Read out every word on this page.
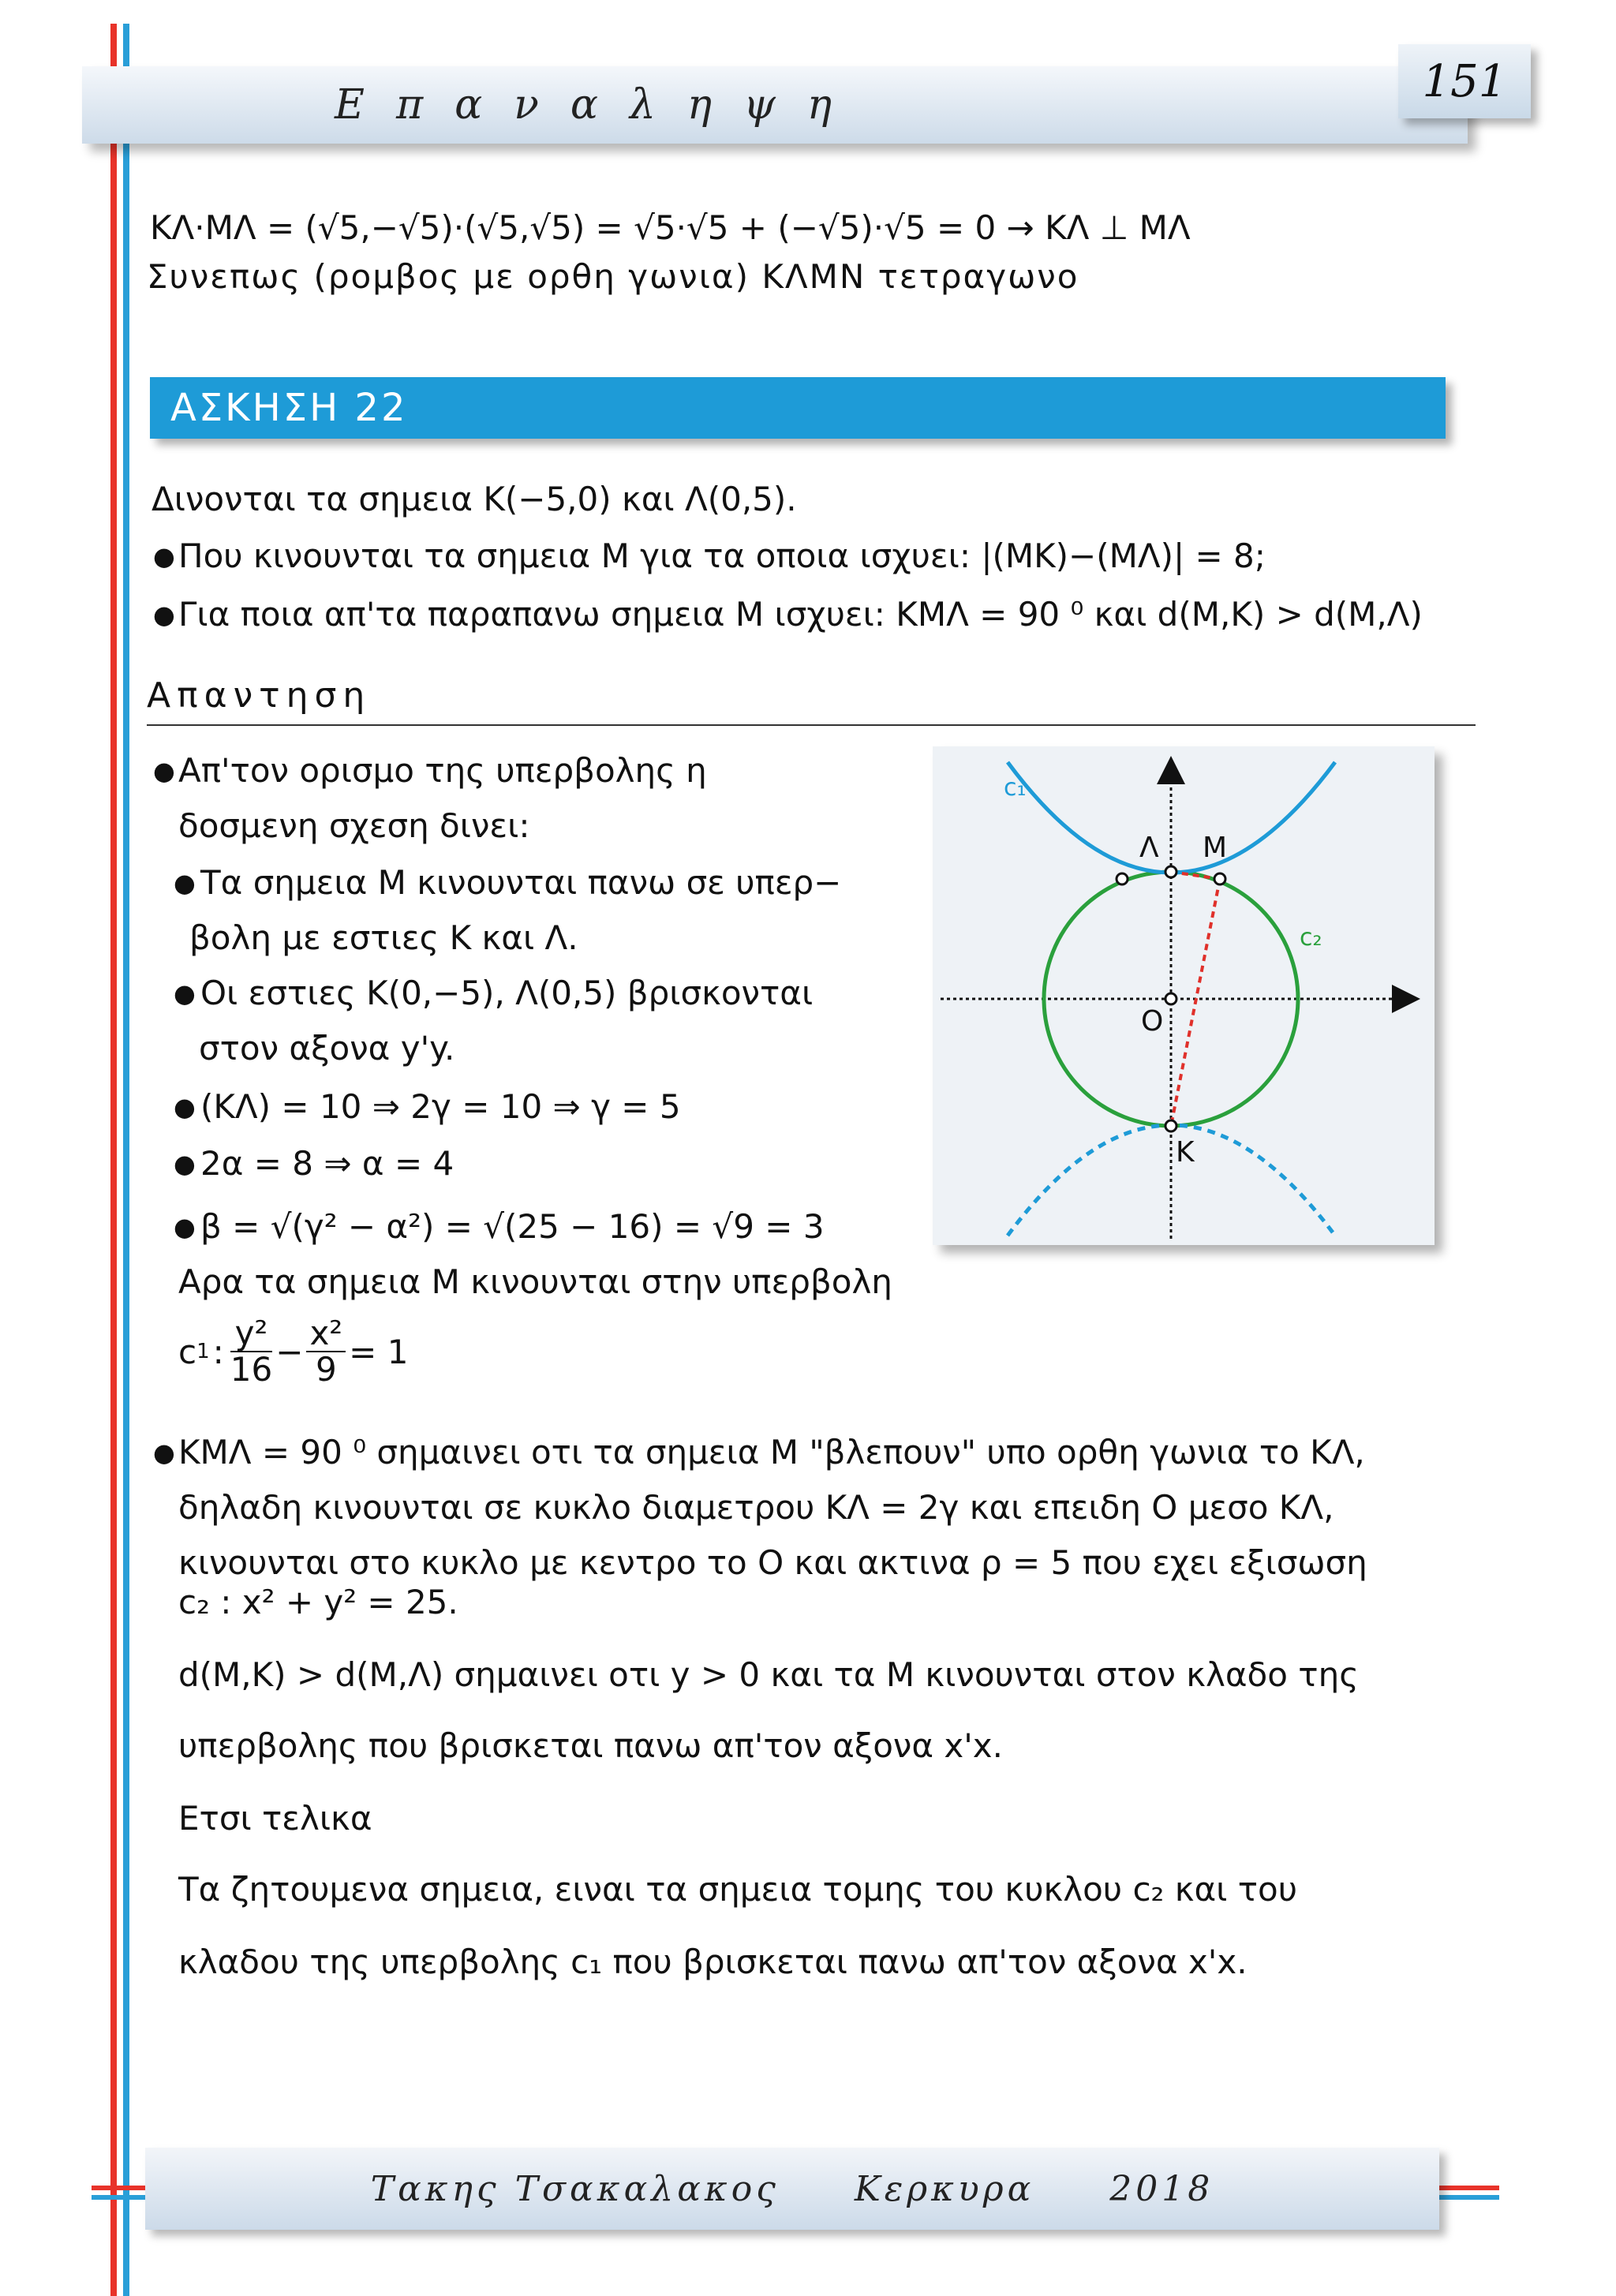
Επαναληψη	151
KΛ·MΛ = (√5,−√5)·(√5,√5) = √5·√5 + (−√5)·√5 = 0 → KΛ ⊥ MΛ
Συνεπως (ρομβος με ορθη γωνια) ΚΛΜΝ τετραγωνο
ΑΣΚΗΣΗ 22
Δινονται τα σημεια Κ(−5,0) και Λ(0,5).
● Που κινουνται τα σημεια Μ για τα οποια ισχυει: |(ΜΚ)−(ΜΛ)| = 8;
● Για ποια απ'τα παραπανω σημεια Μ ισχυει: ΚΜΛ = 90 ⁰ και d(M,K) > d(M,Λ)
Απαντηση
● Απ'τον ορισμο της υπερβολης η
δοσμενη σχεση δινει:
● Τα σημεια Μ κινουνται πανω σε υπερ−
βολη με εστιες Κ και Λ.
● Οι εστιες Κ(0,−5), Λ(0,5) βρισκονται
στον αξονα y'y.
● (ΚΛ) = 10 ⇒ 2γ = 10 ⇒ γ = 5
● 2α = 8 ⇒ α = 4
● β = √(γ² − α²) = √(25 − 16) = √9 = 3
Αρα τα σημεια Μ κινουνται στην υπερβολη
c 1 : $\frac{\text{y²}}{16} - \frac{\text{x²}}{9} = 1$
● ΚΜΛ = 90 ⁰ σημαινει οτι τα σημεια Μ "βλεπουν" υπο ορθη γωνια το ΚΛ,
δηλαδη κινουνται σε κυκλο διαμετρου ΚΛ = 2γ και επειδη Ο μεσο ΚΛ,
κινουνται στο κυκλο με κεντρο το Ο και ακτινα ρ = 5 που εχει εξισωση
c₂ : x² + y² = 25.
d(M,K) > d(M,Λ) σημαινει οτι y > 0 και τα Μ κινουνται στον κλαδο της
υπερβολης που βρισκεται πανω απ'τον αξονα x'x.
Ετσι τελικα
Τα ζητουμενα σημεια, ειναι τα σημεια τομης του κυκλου c₂ και του
κλαδου της υπερβολης c₁ που βρισκεται πανω απ'τον αξονα x'x.
c₁
c₂
Λ Μ
Ο
Κ
Τακης Τσακαλακος     Κερκυρα     2018
